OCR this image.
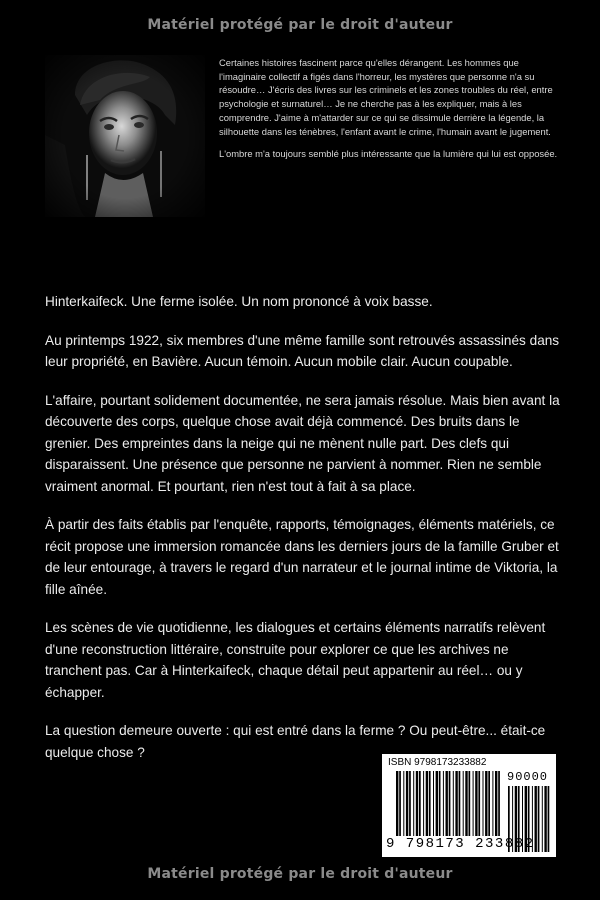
Matériel protégé par le droit d'auteur

Certaines histoires fascinent parce qu'elles dérangent. Les hommes que l'imaginaire collectif a figés dans l'horreur, les mystères que personne n'a su résoudre… J'écris des livres sur les criminels et les zones troubles du réel, entre psychologie et surnaturel… Je ne cherche pas à les expliquer, mais à les comprendre. J'aime à m'attarder sur ce qui se dissimule derrière la légende, la silhouette dans les ténèbres, l'enfant avant le crime, l'humain avant le jugement.

L'ombre m'a toujours semblé plus intéressante que la lumière qui lui est opposée.

Hinterkaifeck. Une ferme isolée. Un nom prononcé à voix basse.

Au printemps 1922, six membres d'une même famille sont retrouvés assassinés dans leur propriété, en Bavière. Aucun témoin. Aucun mobile clair. Aucun coupable.

L'affaire, pourtant solidement documentée, ne sera jamais résolue. Mais bien avant la découverte des corps, quelque chose avait déjà commencé. Des bruits dans le grenier. Des empreintes dans la neige qui ne mènent nulle part. Des clefs qui disparaissent. Une présence que personne ne parvient à nommer. Rien ne semble vraiment anormal. Et pourtant, rien n'est tout à fait à sa place.

À partir des faits établis par l'enquête, rapports, témoignages, éléments matériels, ce récit propose une immersion romancée dans les derniers jours de la famille Gruber et de leur entourage, à travers le regard d'un narrateur et le journal intime de Viktoria, la fille aînée.

Les scènes de vie quotidienne, les dialogues et certains éléments narratifs relèvent d'une reconstruction littéraire, construite pour explorer ce que les archives ne tranchent pas. Car à Hinterkaifeck, chaque détail peut appartenir au réel… ou y échapper.

La question demeure ouverte : qui est entré dans la ferme ? Ou peut-être... était-ce quelque chose ?

ISBN 9798173233882
90000
9 798173 233882
Matériel protégé par le droit d'auteur
